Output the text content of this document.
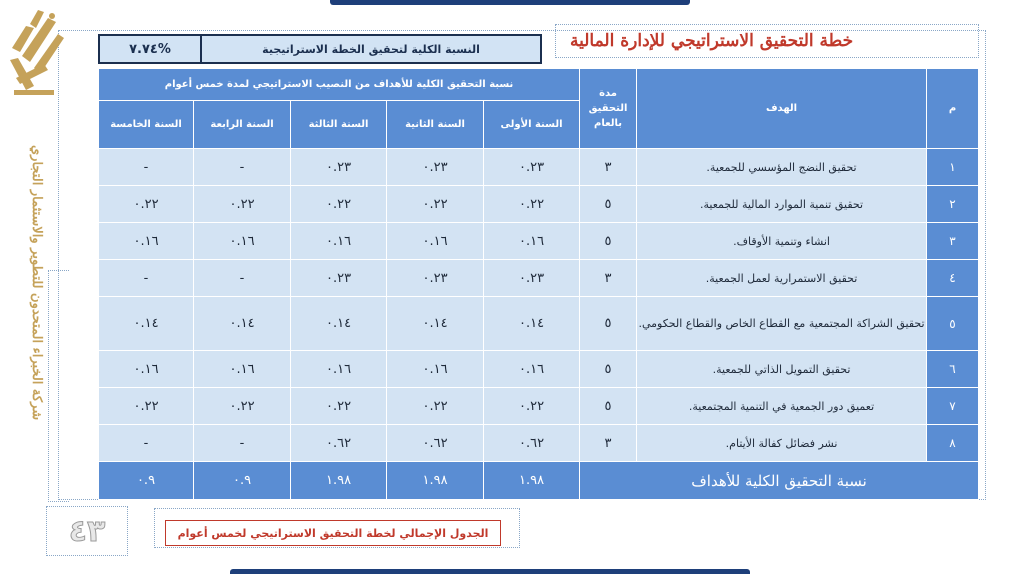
شركة الخبراء المتحدون للتطوير والاستثمار التجاري
خطة التحقيق الاستراتيجي للإدارة المالية
٧.٧٤%	النسبة الكلية لتحقيق الخطة الاستراتيجية
م	الهدف	مدة التحقيق بالعام	نسبة التحقيق الكلية للأهداف من النصيب الاستراتيجي لمدة خمس أعوام				
			السنة الأولى	السنة الثانية	السنة الثالثة	السنة الرابعة	السنة الخامسة
١	تحقيق النضج المؤسسي للجمعية.	٣	٠.٢٣	٠.٢٣	٠.٢٣	-	-
٢	تحقيق تنمية الموارد المالية للجمعية.	٥	٠.٢٢	٠.٢٢	٠.٢٢	٠.٢٢	٠.٢٢
٣	انشاء وتنمية الأوقاف.	٥	٠.١٦	٠.١٦	٠.١٦	٠.١٦	٠.١٦
٤	تحقيق الاستمرارية لعمل الجمعية.	٣	٠.٢٣	٠.٢٣	٠.٢٣	-	-
٥	تحقيق الشراكة المجتمعية مع القطاع الخاص والقطاع الحكومي.	٥	٠.١٤	٠.١٤	٠.١٤	٠.١٤	٠.١٤
٦	تحقيق التمويل الذاتي للجمعية.	٥	٠.١٦	٠.١٦	٠.١٦	٠.١٦	٠.١٦
٧	تعميق دور الجمعية في التنمية المجتمعية.	٥	٠.٢٢	٠.٢٢	٠.٢٢	٠.٢٢	٠.٢٢
٨	نشر فضائل كفالة الأيتام.	٣	٠.٦٢	٠.٦٢	٠.٦٢	-	-
نسبة التحقيق الكلية للأهداف			١.٩٨	١.٩٨	١.٩٨	٠.٩	٠.٩
٤٣	الجدول الإجمالي لخطة التحقيق الاستراتيجي لخمس أعوام
